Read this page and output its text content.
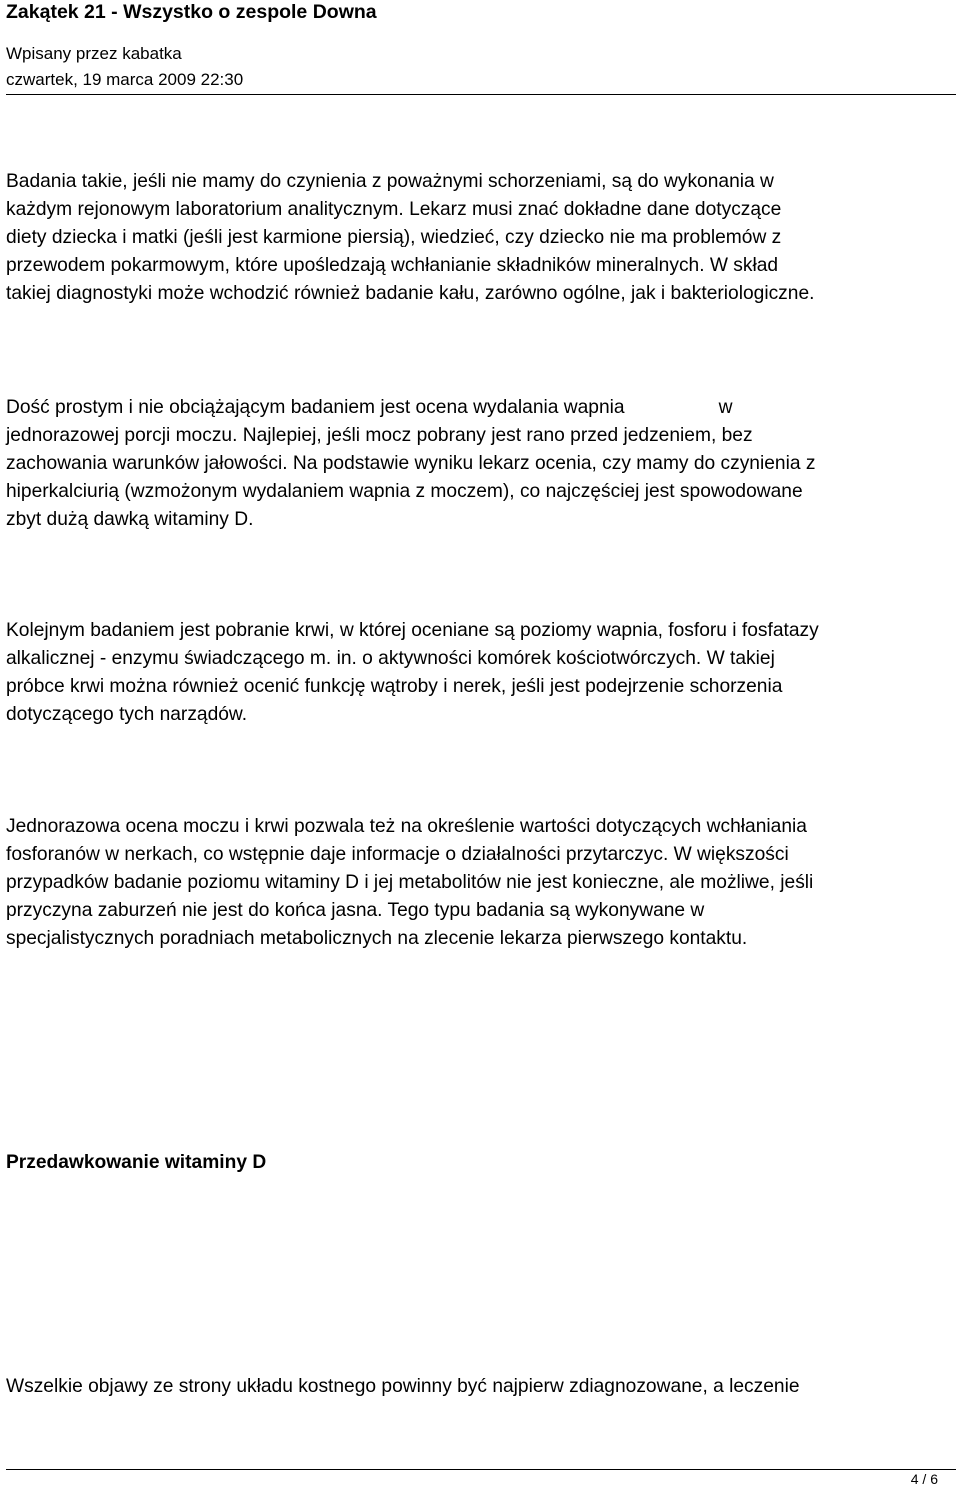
Zakątek 21 - Wszystko o zespole Downa
Wpisany przez kabatka
czwartek, 19 marca 2009 22:30
Badania takie, jeśli nie mamy do czynienia z poważnymi schorzeniami, są do wykonania w
każdym rejonowym laboratorium analitycznym. Lekarz musi znać dokładne dane dotyczące
diety dziecka i matki (jeśli jest karmione piersią), wiedzieć, czy dziecko nie ma problemów z
przewodem pokarmowym, które upośledzają wchłanianie składników mineralnych. W skład
takiej diagnostyki może wchodzić również badanie kału, zarówno ogólne, jak i bakteriologiczne.
Dość prostym i nie obciążającym badaniem jest ocena wydalania wapnia	w
jednorazowej porcji moczu. Najlepiej, jeśli mocz pobrany jest rano przed jedzeniem, bez
zachowania warunków jałowości. Na podstawie wyniku lekarz ocenia, czy mamy do czynienia z
hiperkalciurią (wzmożonym wydalaniem wapnia z moczem), co najczęściej jest spowodowane
zbyt dużą dawką witaminy D.
Kolejnym badaniem jest pobranie krwi, w której oceniane są poziomy wapnia, fosforu i fosfatazy
alkalicznej - enzymu świadczącego m. in. o aktywności komórek kościotwórczych. W takiej
próbce krwi można również ocenić funkcję wątroby i nerek, jeśli jest podejrzenie schorzenia
dotyczącego tych narządów.
Jednorazowa ocena moczu i krwi pozwala też na określenie wartości dotyczących wchłaniania
fosforanów w nerkach, co wstępnie daje informacje o działalności przytarczyc. W większości
przypadków badanie poziomu witaminy D i jej metabolitów nie jest konieczne, ale możliwe, jeśli
przyczyna zaburzeń nie jest do końca jasna. Tego typu badania są wykonywane w
specjalistycznych poradniach metabolicznych na zlecenie lekarza pierwszego kontaktu.
Przedawkowanie witaminy D
Wszelkie objawy ze strony układu kostnego powinny być najpierw zdiagnozowane, a leczenie
4 / 6
